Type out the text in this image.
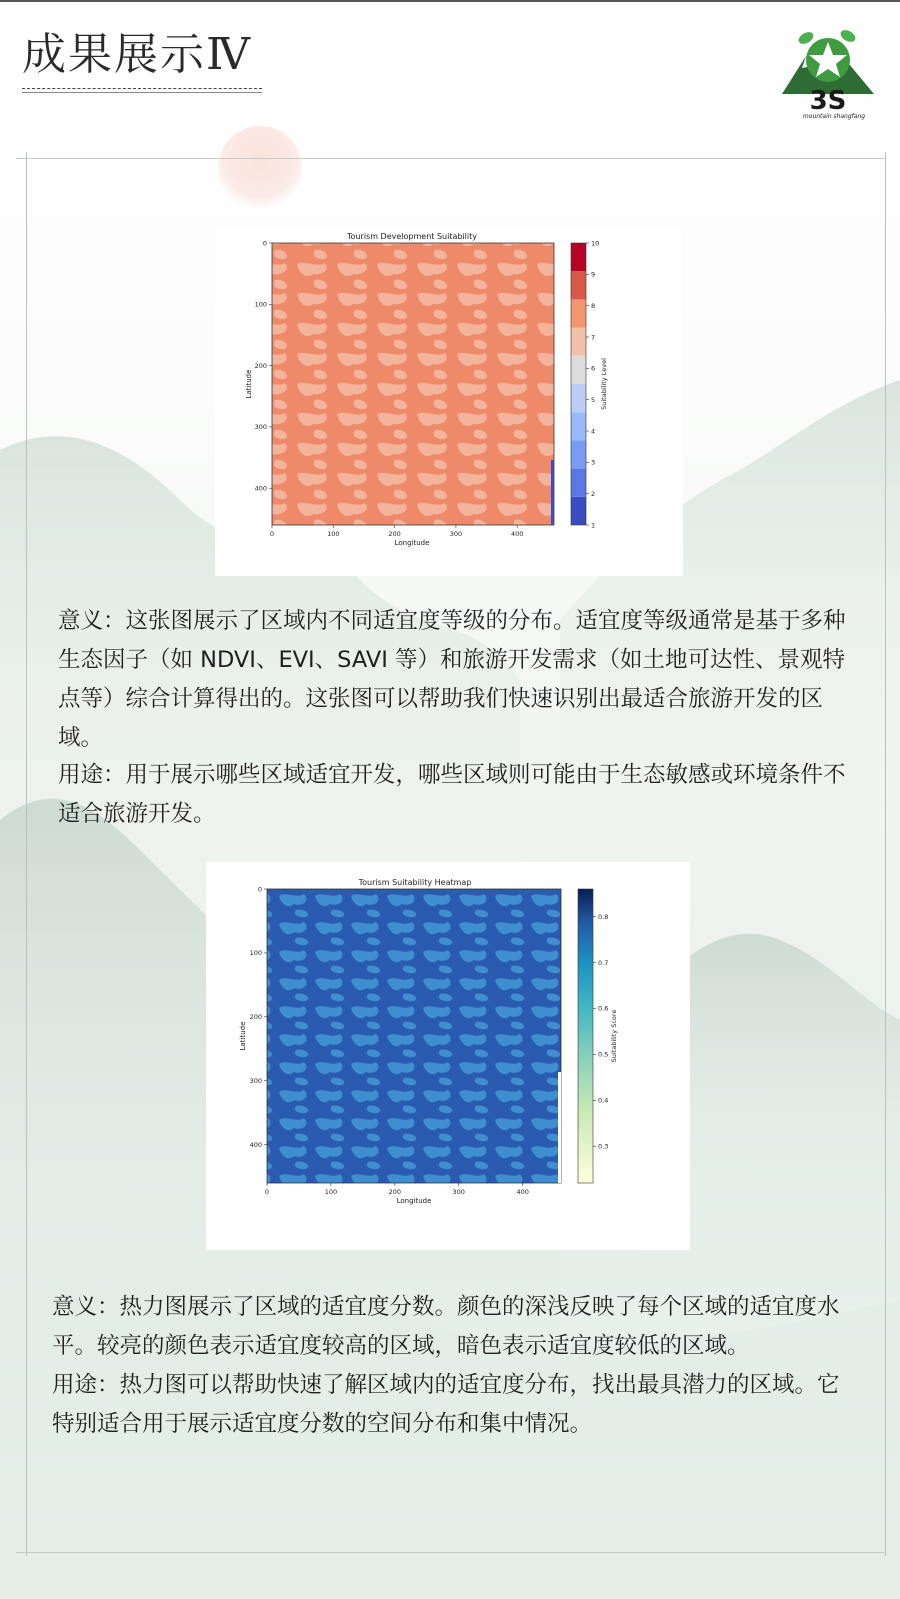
成果展示Ⅳ
3S
mountain shangfang
Tourism Development Suitability
0	100	200	300	400
0
100
200
300
400
Longitude
Latitude
1
2
3
4
5
6
7
8
9
10
Suitability Level

意义：这张图展示了区域内不同适宜度等级的分布。适宜度等级通常是基于多种生态因子（如 NDVI、EVI、SAVI 等）和旅游开发需求（如土地可达性、景观特点等）综合计算得出的。这张图可以帮助我们快速识别出最适合旅游开发的区域。

用途：用于展示哪些区域适宜开发，哪些区域则可能由于生态敏感或环境条件不适合旅游开发。

Tourism Suitability Heatmap
0	100	200	300	400
0
100
200
300
400
Longitude
Latitude
0.3
0.4
0.5
0.6
0.7
0.8
Suitability Score

意义：热力图展示了区域的适宜度分数。颜色的深浅反映了每个区域的适宜度水平。较亮的颜色表示适宜度较高的区域，暗色表示适宜度较低的区域。

用途：热力图可以帮助快速了解区域内的适宜度分布，找出最具潜力的区域。它特别适合用于展示适宜度分数的空间分布和集中情况。
